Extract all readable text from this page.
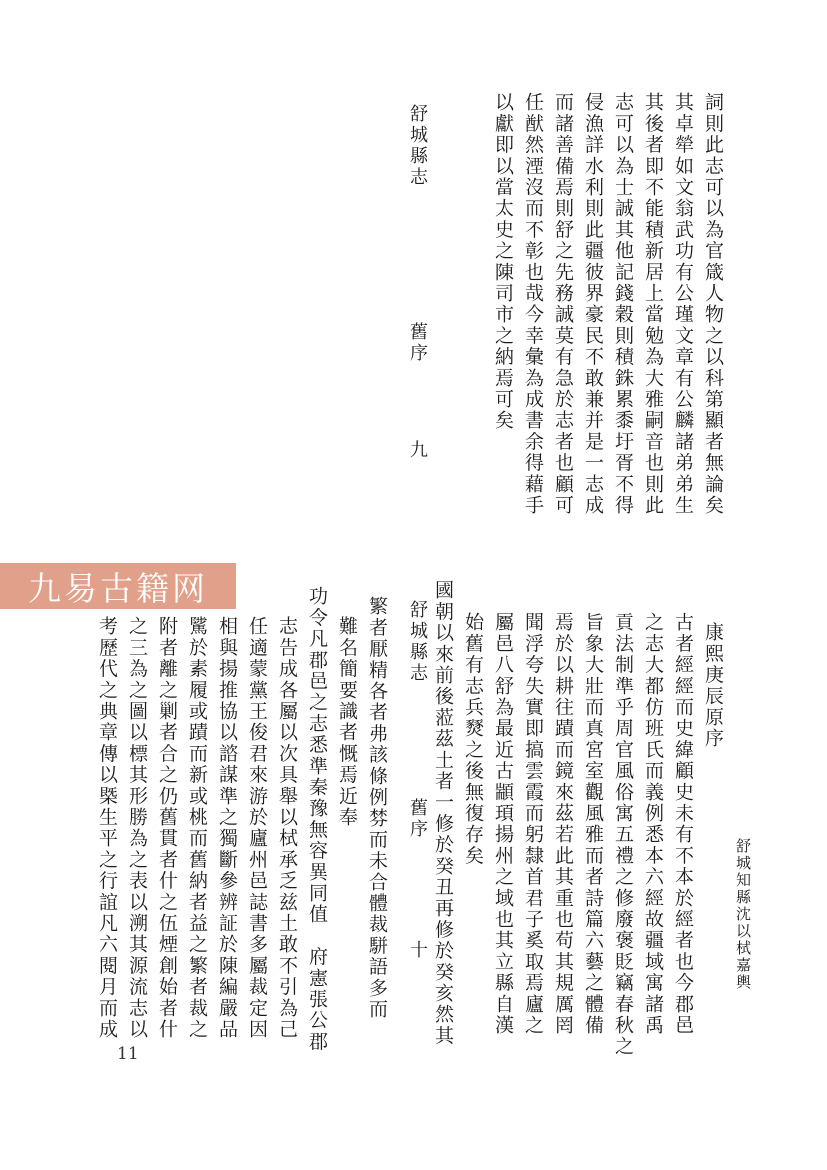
舒城縣志
舊序
九	詞則此志可以為官箴人物之以科第顯者無論矣
其卓犖如文翁武功有公瑾文章有公麟諸弟弟生
其後者即不能積新居上當勉為大雅嗣音也則此
志可以為士誠其他記錢穀則積銖累黍圩胥不得
侵漁詳水利則此疆彼界豪民不敢兼并是一志成
而諸善備焉則舒之先務誠莫有急於志者也顧可
任猷然湮沒而不彰也哉今幸彙為成書余得藉手
以獻即以當太史之陳司市之納焉可矣
九易古籍网
舒城知縣沈以栻嘉輿
康熙庚辰原序
古者經經而史緯顧史未有不本於經者也今郡邑
之志大都仿班氏而義例悉本六經故疆域寓諸禹
貢法制準乎周官風俗寓五禮之修廢褒貶竊春秋之
旨象大壯而真宮室觀風雅而者詩篇六藝之體備
焉於以耕往蹟而鏡來茲若此其重也苟其規厲罔
聞浮夸失實即搞雲霞而躬隸首君子奚取焉廬之
屬邑八舒為最近古顓頊揚州之域也其立縣自漢
始舊有志兵燹之後無復存矣
國朝以來前後蒞茲土者一修於癸丑再修於癸亥然其
舒城縣志
舊序
十
繁者厭精各者弗該條例棼而未合體裁駢語多而
難名簡要識者慨焉近奉
功令凡郡邑之志悉準秦豫無容異同值　府憲張公郡
志告成各屬以次具舉以栻承乏兹土敢不引為己
任適蒙黨王俊君來游於廬州邑誌書多屬裁定因
相與揚推協以諮謀準之獨斷參辨証於陳編嚴品
騭於素履或蹟而新或桃而舊納者益之繁者裁之
附者離之剿者合之仍舊貫者什之伍煙創始者什
之三為之圖以標其形勝為之表以溯其源流志以
考歷代之典章傳以槩生平之行誼凡六閱月而成
11
